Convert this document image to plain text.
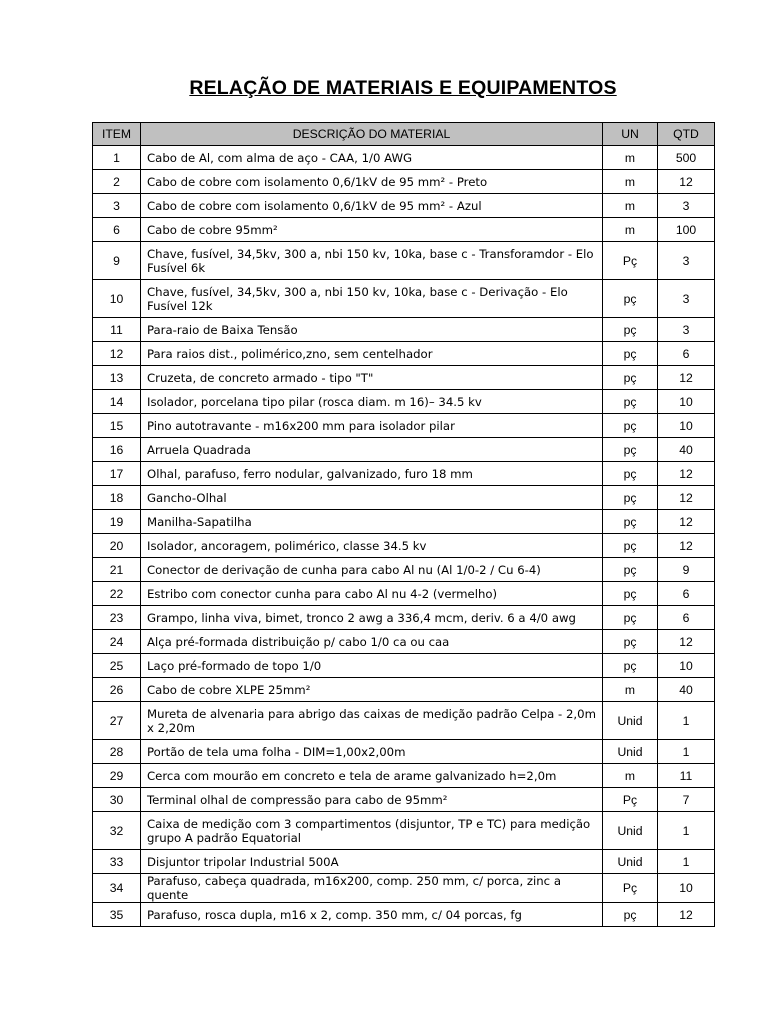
RELAÇÃO DE MATERIAIS E EQUIPAMENTOS
ITEM	DESCRIÇÃO DO MATERIAL	UN	QTD
1	Cabo de Al, com alma de aço - CAA, 1/0 AWG	m	500
2	Cabo de cobre com isolamento 0,6/1kV de 95 mm² - Preto	m	12
3	Cabo de cobre com isolamento 0,6/1kV de 95 mm² - Azul	m	3
6	Cabo de cobre 95mm²	m	100
9	Chave, fusível, 34,5kv, 300 a, nbi 150 kv, 10ka, base c - Transforamdor - Elo Fusível 6k	Pç	3
10	Chave, fusível, 34,5kv, 300 a, nbi 150 kv, 10ka, base c - Derivação - Elo Fusível 12k	pç	3
11	Para-raio de Baixa Tensão	pç	3
12	Para raios dist., polimérico,zno, sem centelhador	pç	6
13	Cruzeta, de concreto armado - tipo "T"	pç	12
14	Isolador, porcelana tipo pilar (rosca diam. m 16)– 34.5 kv	pç	10
15	Pino autotravante - m16x200 mm para isolador pilar	pç	10
16	Arruela Quadrada	pç	40
17	Olhal, parafuso, ferro nodular, galvanizado, furo 18 mm	pç	12
18	Gancho-Olhal	pç	12
19	Manilha-Sapatilha	pç	12
20	Isolador, ancoragem, polimérico, classe 34.5 kv	pç	12
21	Conector de derivação de cunha para cabo Al nu (Al 1/0-2 / Cu 6-4)	pç	9
22	Estribo com conector cunha para cabo Al nu 4-2 (vermelho)	pç	6
23	Grampo, linha viva, bimet, tronco 2 awg a 336,4 mcm, deriv. 6 a 4/0 awg	pç	6
24	Alça pré-formada distribuição p/ cabo 1/0 ca ou caa	pç	12
25	Laço pré-formado de topo 1/0	pç	10
26	Cabo de cobre XLPE 25mm²	m	40
27	Mureta de alvenaria para abrigo das caixas de medição padrão Celpa - 2,0m x 2,20m	Unid	1
28	Portão de tela uma folha - DIM=1,00x2,00m	Unid	1
29	Cerca com mourão em concreto e tela de arame galvanizado h=2,0m	m	11
30	Terminal olhal de compressão para cabo de 95mm²	Pç	7
32	Caixa de medição com 3 compartimentos (disjuntor, TP e TC) para medição grupo A padrão Equatorial	Unid	1
33	Disjuntor tripolar Industrial 500A	Unid	1
34	Parafuso, cabeça quadrada, m16x200, comp. 250 mm, c/ porca, zinc a quente	Pç	10
35	Parafuso, rosca dupla, m16 x 2, comp. 350 mm, c/ 04 porcas, fg	pç	12
